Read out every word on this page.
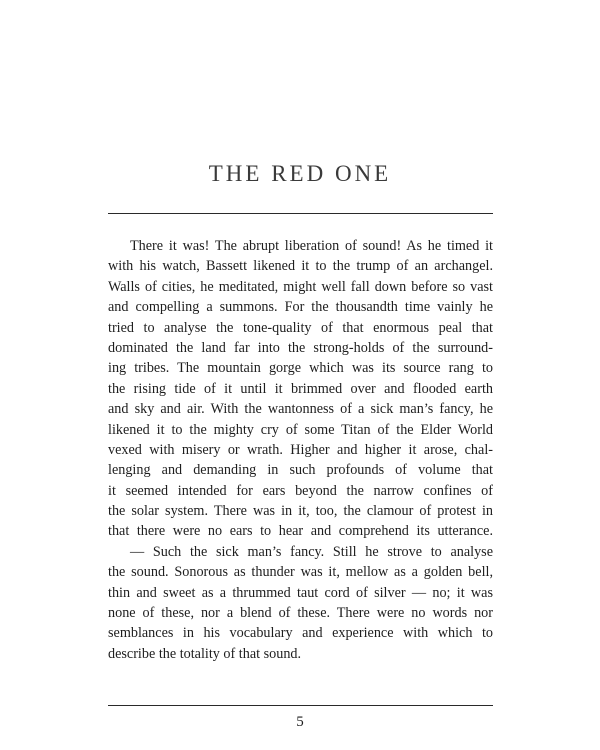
THE RED ONE
There it was! The abrupt liberation of sound! As he timed it
with his watch, Bassett likened it to the trump of an archangel.
Walls of cities, he meditated, might well fall down before so vast
and compelling a summons. For the thousandth time vainly he
tried to analyse the tone-quality of that enormous peal that
dominated the land far into the strong-holds of the surround-
ing tribes. The mountain gorge which was its source rang to
the rising tide of it until it brimmed over and flooded earth
and sky and air. With the wantonness of a sick man’s fancy, he
likened it to the mighty cry of some Titan of the Elder World
vexed with misery or wrath. Higher and higher it arose, chal-
lenging and demanding in such profounds of volume that
it seemed intended for ears beyond the narrow confines of
the solar system. There was in it, too, the clamour of protest in
that there were no ears to hear and comprehend its utterance.
— Such the sick man’s fancy. Still he strove to analyse
the sound. Sonorous as thunder was it, mellow as a golden bell,
thin and sweet as a thrummed taut cord of silver — no; it was
none of these, nor a blend of these. There were no words nor
semblances in his vocabulary and experience with which to
describe the totality of that sound.
5
